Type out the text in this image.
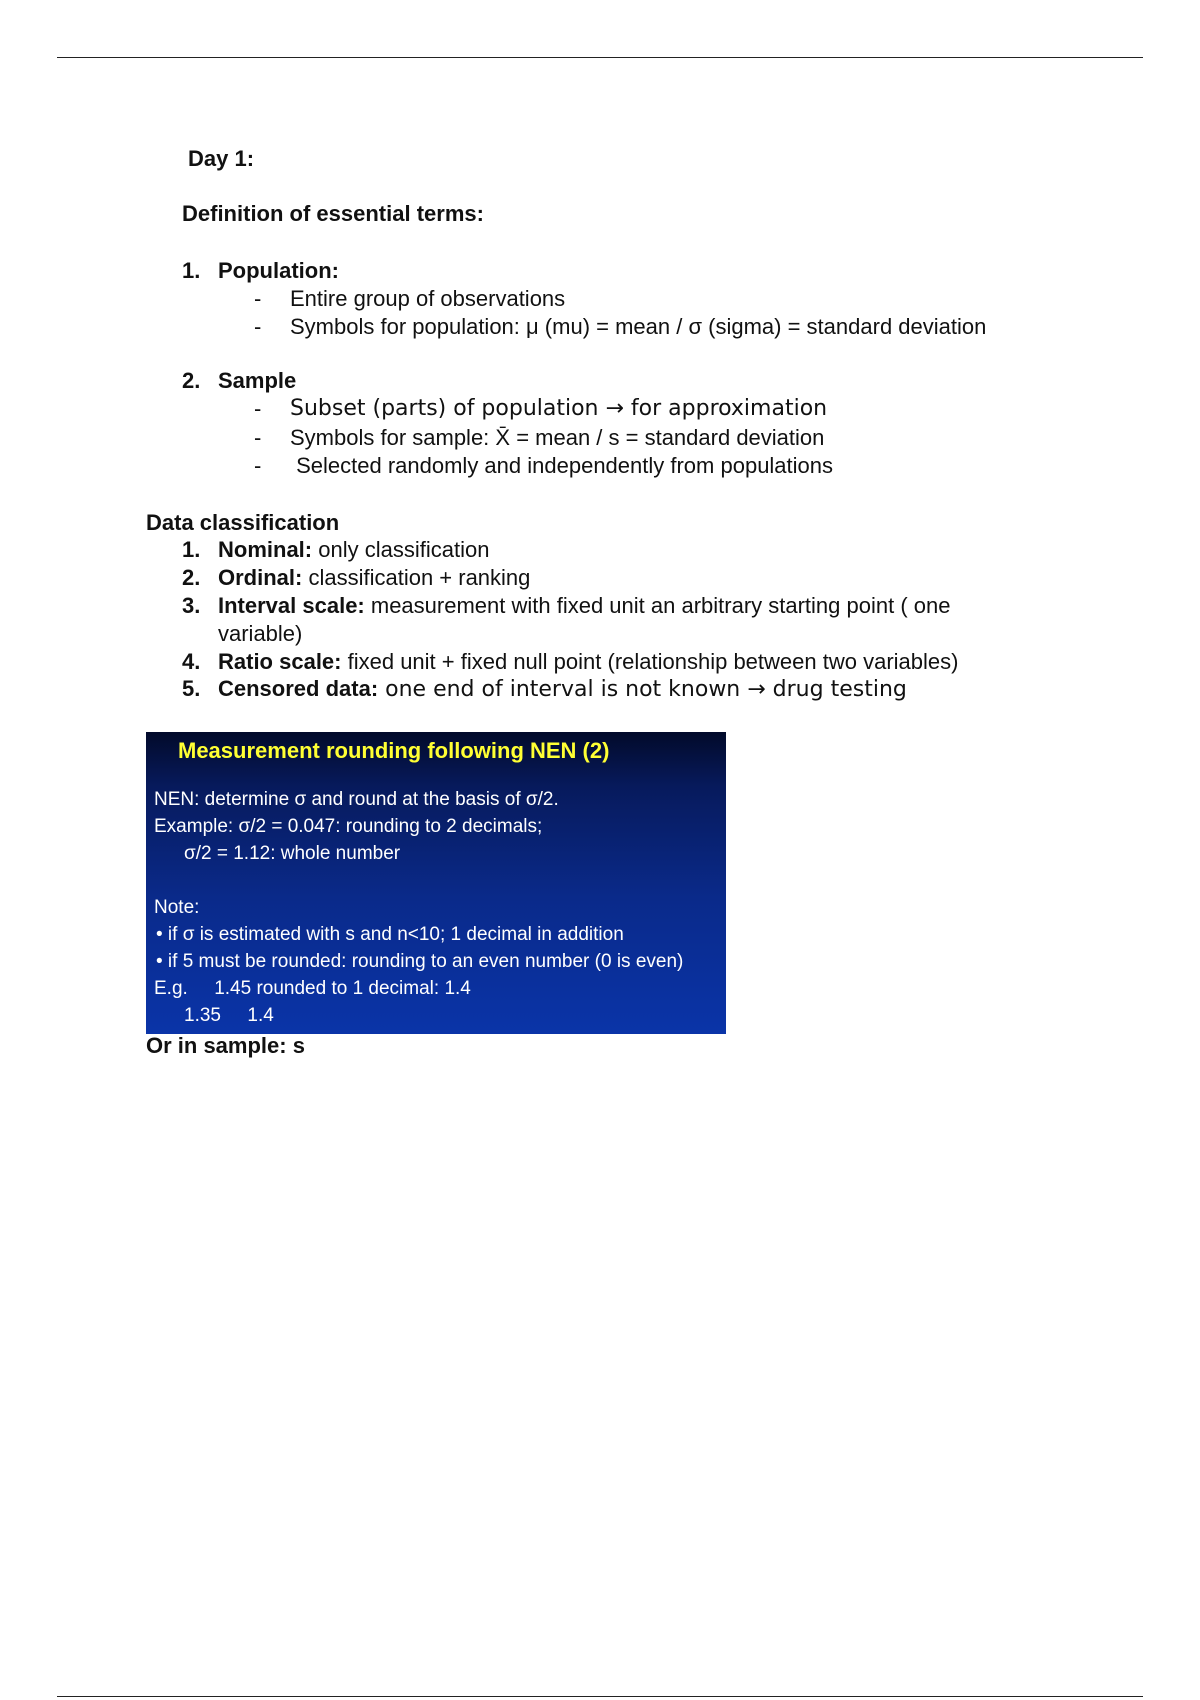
Day 1:

Definition of essential terms:

1. Population:

- Entire group of observations

- Symbols for population: μ (mu) = mean / σ (sigma) = standard deviation

2. Sample

- Subset (parts) of population → for approximation

- Symbols for sample: X̄ = mean / s = standard deviation

- Selected randomly and independently from populations

Data classification

1. Nominal: only classification

2. Ordinal: classification + ranking

3. Interval scale: measurement with fixed unit an arbitrary starting point ( one

variable)

4. Ratio scale: fixed unit + fixed null point (relationship between two variables)

5. Censored data: one end of interval is not known → drug testing

Measurement rounding following NEN (2)

NEN: determine σ and round at the basis of σ/2.

Example: σ/2 = 0.047: rounding to 2 decimals;

σ/2 = 1.12: whole number

Note:

• if σ is estimated with s and n<10; 1 decimal in addition

• if 5 must be rounded: rounding to an even number (0 is even)

E.g.     1.45 rounded to 1 decimal: 1.4

1.35     1.4

Or in sample: s
